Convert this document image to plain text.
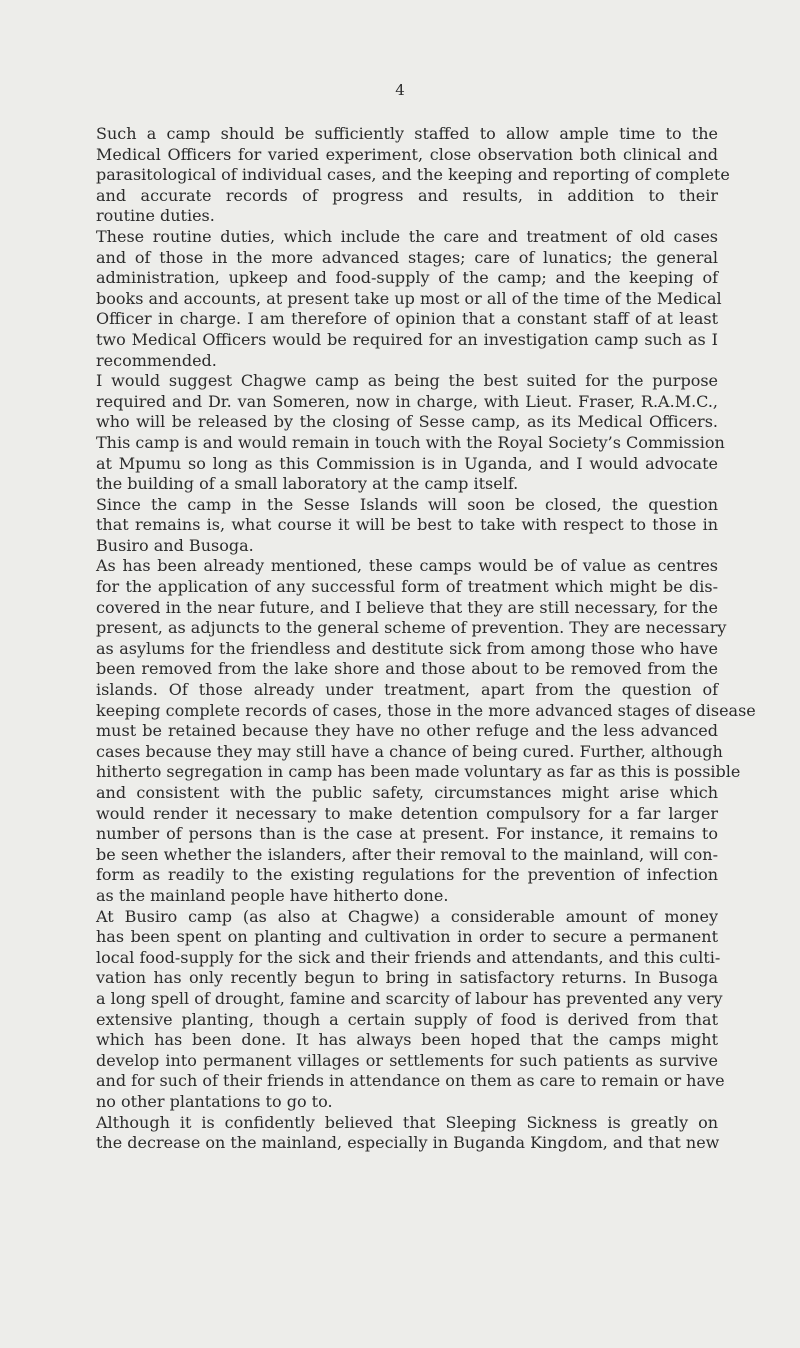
4

Such a camp should be sufficiently staffed to allow ample time to the
Medical Officers for varied experiment, close observation both clinical and
parasitological of individual cases, and the keeping and reporting of complete
and accurate records of progress and results, in addition to their
routine duties.

These routine duties, which include the care and treatment of old cases
and of those in the more advanced stages; care of lunatics; the general
administration, upkeep and food-supply of the camp; and the keeping of
books and accounts, at present take up most or all of the time of the Medical
Officer in charge. I am therefore of opinion that a constant staff of at least
two Medical Officers would be required for an investigation camp such as I
recommended.

I would suggest Chagwe camp as being the best suited for the purpose
required and Dr. van Someren, now in charge, with Lieut. Fraser, R.A.M.C.,
who will be released by the closing of Sesse camp, as its Medical Officers.
This camp is and would remain in touch with the Royal Society’s Commission
at Mpumu so long as this Commission is in Uganda, and I would advocate
the building of a small laboratory at the camp itself.

Since the camp in the Sesse Islands will soon be closed, the question
that remains is, what course it will be best to take with respect to those in
Busiro and Busoga.

As has been already mentioned, these camps would be of value as centres
for the application of any successful form of treatment which might be dis-
covered in the near future, and I believe that they are still necessary, for the
present, as adjuncts to the general scheme of prevention. They are necessary
as asylums for the friendless and destitute sick from among those who have
been removed from the lake shore and those about to be removed from the
islands. Of those already under treatment, apart from the question of
keeping complete records of cases, those in the more advanced stages of disease
must be retained because they have no other refuge and the less advanced
cases because they may still have a chance of being cured. Further, although
hitherto segregation in camp has been made voluntary as far as this is possible
and consistent with the public safety, circumstances might arise which
would render it necessary to make detention compulsory for a far larger
number of persons than is the case at present. For instance, it remains to
be seen whether the islanders, after their removal to the mainland, will con-
form as readily to the existing regulations for the prevention of infection
as the mainland people have hitherto done.

At Busiro camp (as also at Chagwe) a considerable amount of money
has been spent on planting and cultivation in order to secure a permanent
local food-supply for the sick and their friends and attendants, and this culti-
vation has only recently begun to bring in satisfactory returns. In Busoga
a long spell of drought, famine and scarcity of labour has prevented any very
extensive planting, though a certain supply of food is derived from that
which has been done. It has always been hoped that the camps might
develop into permanent villages or settlements for such patients as survive
and for such of their friends in attendance on them as care to remain or have
no other plantations to go to.

Although it is confidently believed that Sleeping Sickness is greatly on
the decrease on the mainland, especially in Buganda Kingdom, and that new
